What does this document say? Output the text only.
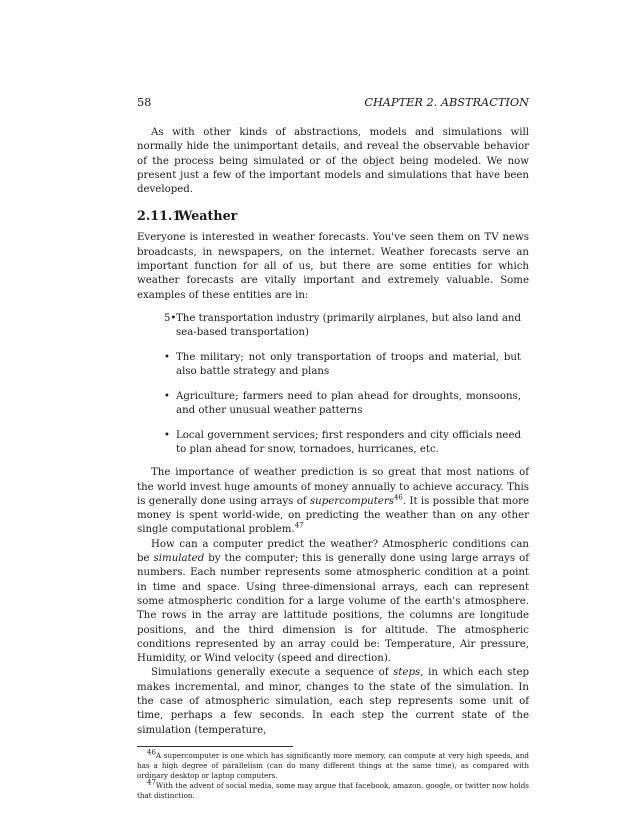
58	CHAPTER 2. ABSTRACTION

As with other kinds of abstractions, models and simulations will normally hide the unimportant details, and reveal the observable behavior of the process being simulated or of the object being modeled. We now present just a few of the important models and simulations that have been developed.

2.11.1Weather

Everyone is interested in weather forecasts. You've seen them on TV news broadcasts, in newspapers, on the internet. Weather forecasts serve an important function for all of us, but there are some entities for which weather forecasts are vitally important and extremely valuable. Some examples of these entities are in:

5• The transportation industry (primarily airplanes, but also land and sea-based transportation)
• The military; not only transportation of troops and material, but also battle strategy and plans
• Agriculture; farmers need to plan ahead for droughts, monsoons, and other unusual weather patterns
• Local government services; first responders and city officials need to plan ahead for snow, tornadoes, hurricanes, etc.

The importance of weather prediction is so great that most nations of the world invest huge amounts of money annually to achieve accuracy. This is generally done using arrays of supercomputers$^{46}$. It is possible that more money is spent world-wide, on predicting the weather than on any other single computational problem.$^{47}$

How can a computer predict the weather? Atmospheric conditions can be simulated by the computer; this is generally done using large arrays of numbers. Each number represents some atmospheric condition at a point in time and space. Using three-dimensional arrays, each can represent some atmospheric condition for a large volume of the earth's atmosphere. The rows in the array are lattitude positions, the columns are longitude positions, and the third dimension is for altitude. The atmospheric conditions represented by an array could be: Temperature, Air pressure, Humidity, or Wind velocity (speed and direction).

Simulations generally execute a sequence of steps, in which each step makes incremental, and minor, changes to the state of the simulation. In the case of atmospheric simulation, each step represents some unit of time, perhaps a few seconds. In each step the current state of the simulation (temperature,

$^{46}$A supercomputer is one which has significantly more memory, can compute at very high speeds, and has a high degree of parallelism (can do many different things at the same time), as compared with ordinary desktop or laptop computers.
$^{47}$With the advent of social media, some may argue that facebook, amazon, google, or twitter now holds that distinction.
